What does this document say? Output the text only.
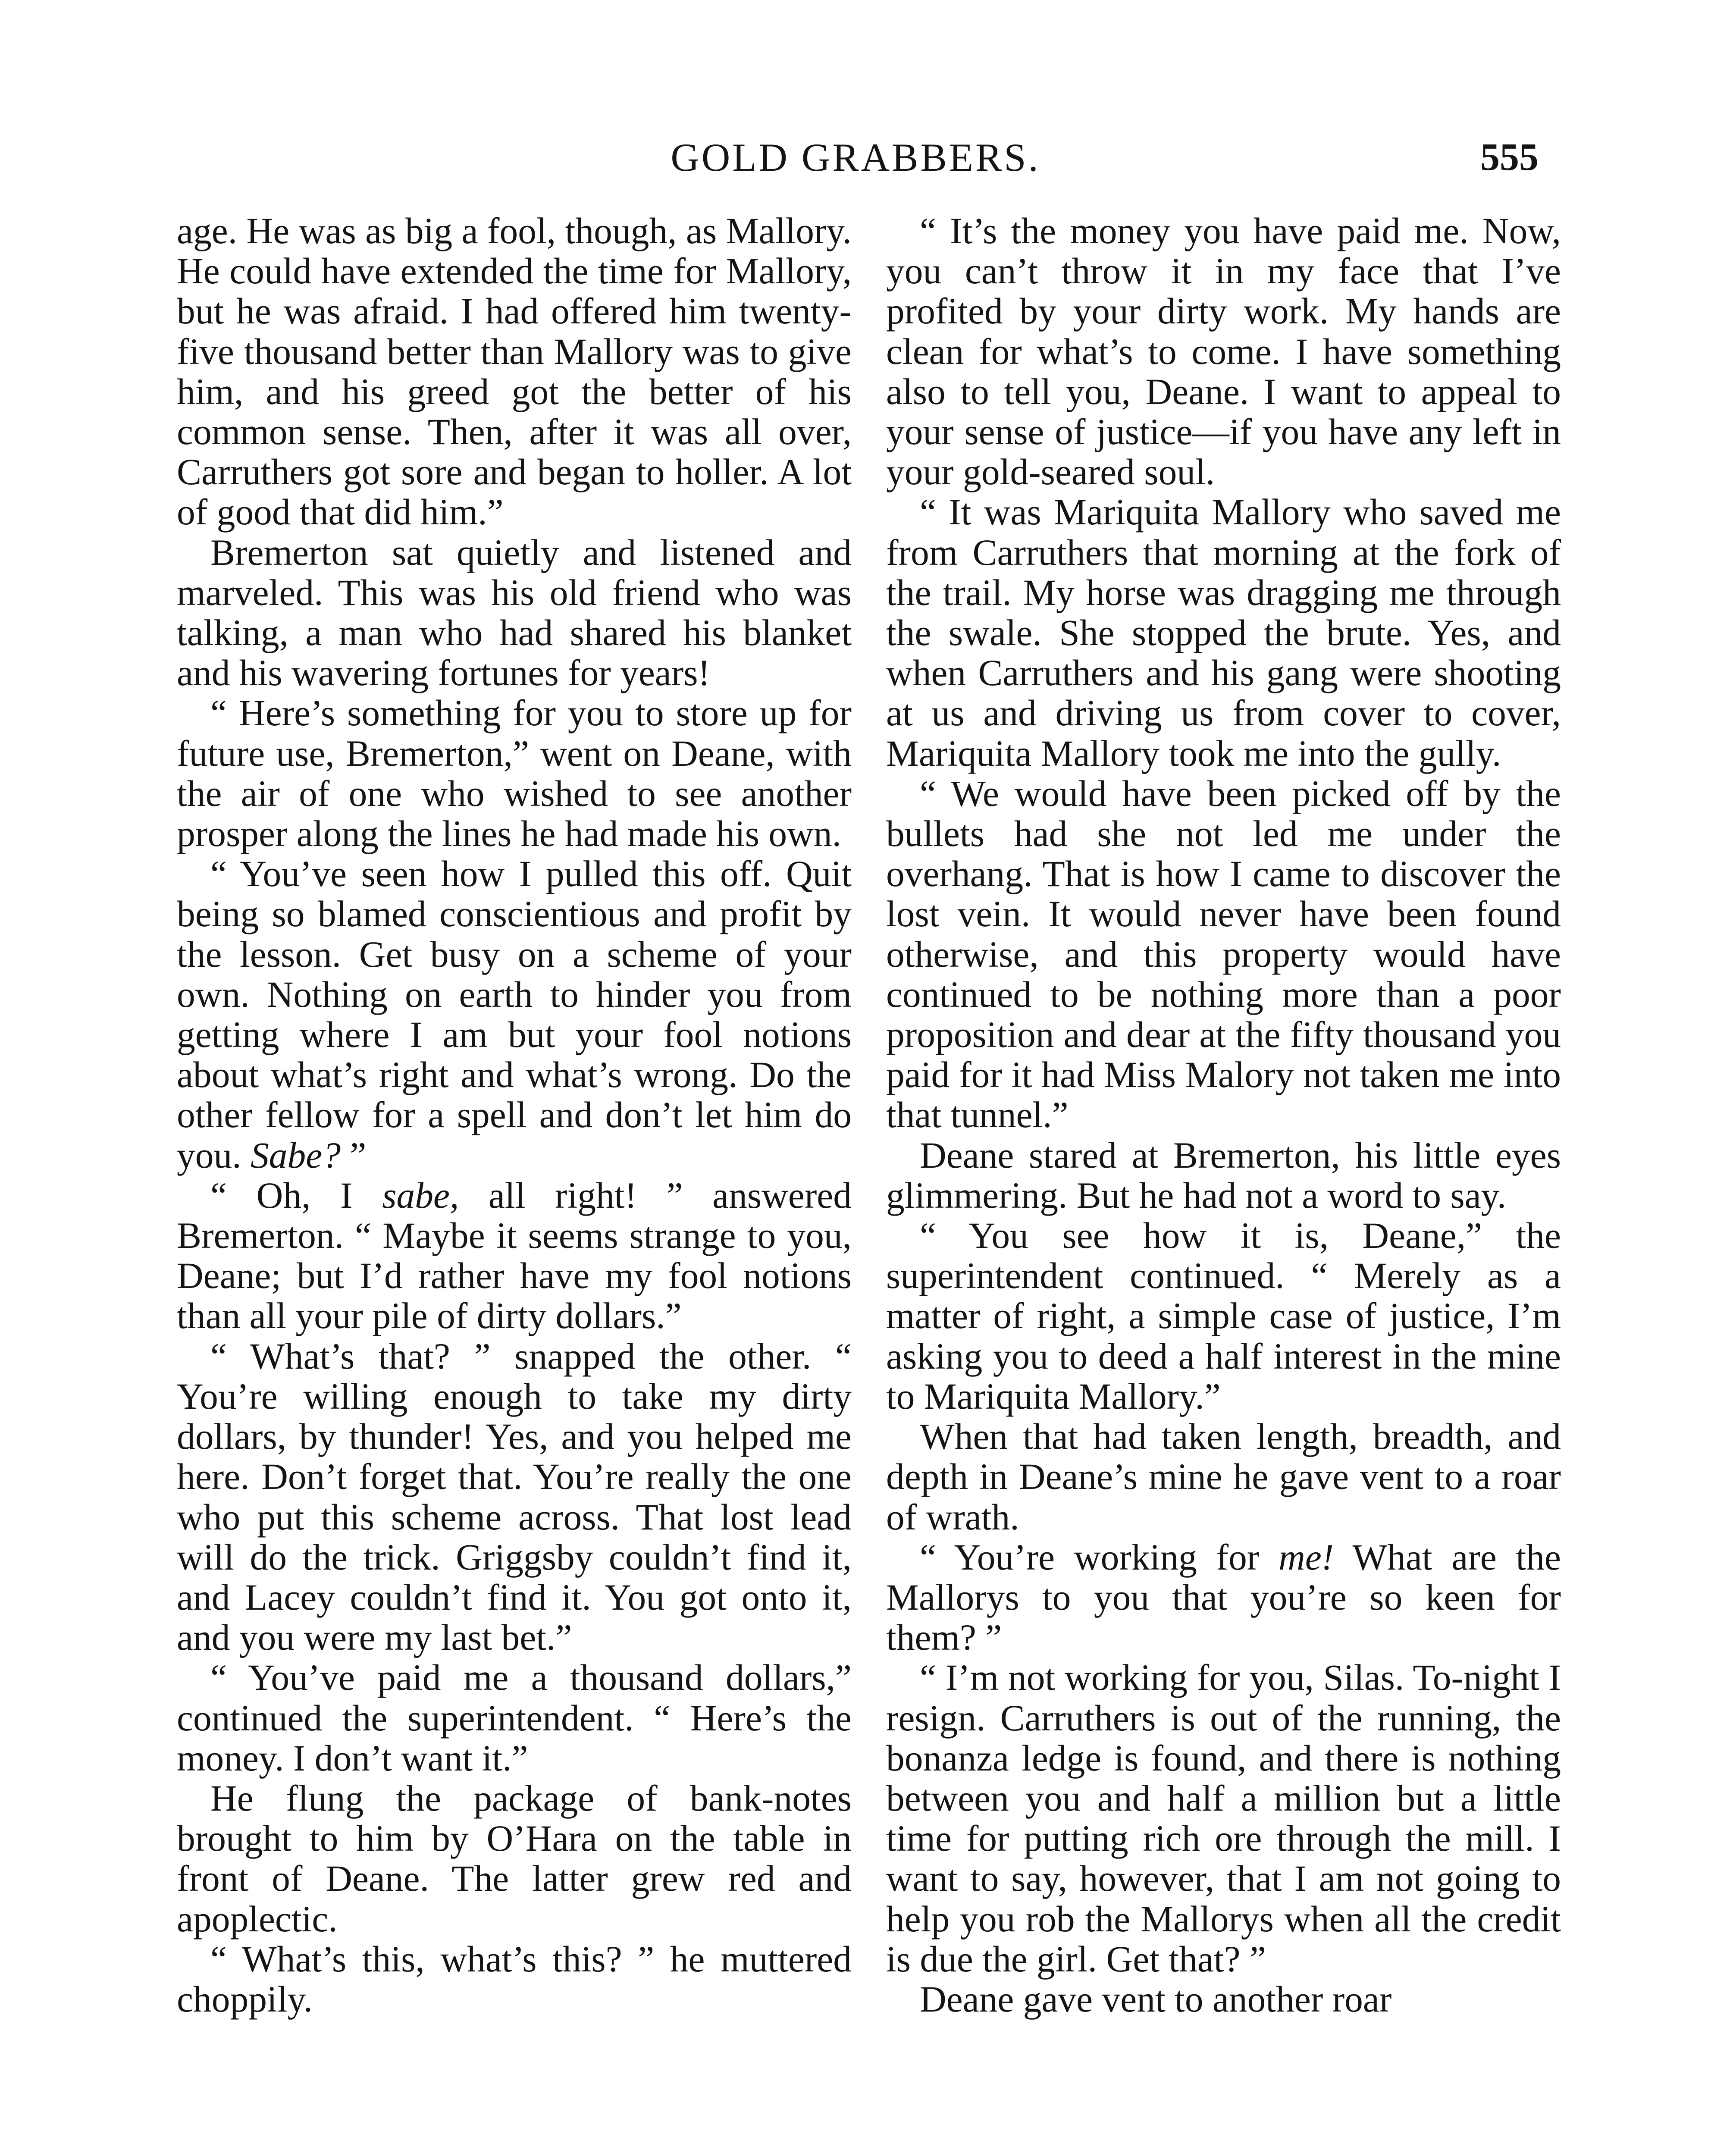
GOLD GRABBERS.	555

age. He was as big a fool, though, as Mallory. He could have extended the time for Mallory, but he was afraid. I had offered him twenty-five thousand better than Mallory was to give him, and his greed got the better of his common sense. Then, after it was all over, Carruthers got sore and began to holler. A lot of good that did him.”

Bremerton sat quietly and listened and marveled. This was his old friend who was talking, a man who had shared his blanket and his wavering fortunes for years!

“ Here’s something for you to store up for future use, Bremerton,” went on Deane, with the air of one who wished to see another prosper along the lines he had made his own.

“ You’ve seen how I pulled this off. Quit being so blamed conscientious and profit by the lesson. Get busy on a scheme of your own. Nothing on earth to hinder you from getting where I am but your fool notions about what’s right and what’s wrong. Do the other fellow for a spell and don’t let him do you. Sabe? ”

“ Oh, I sabe, all right! ” answered Bremerton. “ Maybe it seems strange to you, Deane; but I’d rather have my fool notions than all your pile of dirty dollars.”

“ What’s that? ” snapped the other. “ You’re willing enough to take my dirty dollars, by thunder! Yes, and you helped me here. Don’t forget that. You’re really the one who put this scheme across. That lost lead will do the trick. Griggsby couldn’t find it, and Lacey couldn’t find it. You got onto it, and you were my last bet.”

“ You’ve paid me a thousand dollars,” continued the superintendent. “ Here’s the money. I don’t want it.”

He flung the package of bank-notes brought to him by O’Hara on the table in front of Deane. The latter grew red and apoplectic.

“ What’s this, what’s this? ” he muttered choppily.

“ It’s the money you have paid me. Now, you can’t throw it in my face that I’ve profited by your dirty work. My hands are clean for what’s to come. I have something also to tell you, Deane. I want to appeal to your sense of justice—if you have any left in your gold-seared soul.

“ It was Mariquita Mallory who saved me from Carruthers that morning at the fork of the trail. My horse was dragging me through the swale. She stopped the brute. Yes, and when Carruthers and his gang were shooting at us and driving us from cover to cover, Mariquita Mallory took me into the gully.

“ We would have been picked off by the bullets had she not led me under the overhang. That is how I came to discover the lost vein. It would never have been found otherwise, and this property would have continued to be nothing more than a poor proposition and dear at the fifty thousand you paid for it had Miss Malory not taken me into that tunnel.”

Deane stared at Bremerton, his little eyes glimmering. But he had not a word to say.

“ You see how it is, Deane,” the superintendent continued. “ Merely as a matter of right, a simple case of justice, I’m asking you to deed a half interest in the mine to Mariquita Mallory.”

When that had taken length, breadth, and depth in Deane’s mine he gave vent to a roar of wrath.

“ You’re working for me! What are the Mallorys to you that you’re so keen for them? ”

“ I’m not working for you, Silas. To-night I resign. Carruthers is out of the running, the bonanza ledge is found, and there is nothing between you and half a million but a little time for putting rich ore through the mill. I want to say, however, that I am not going to help you rob the Mallorys when all the credit is due the girl. Get that? ”

Deane gave vent to another roar
